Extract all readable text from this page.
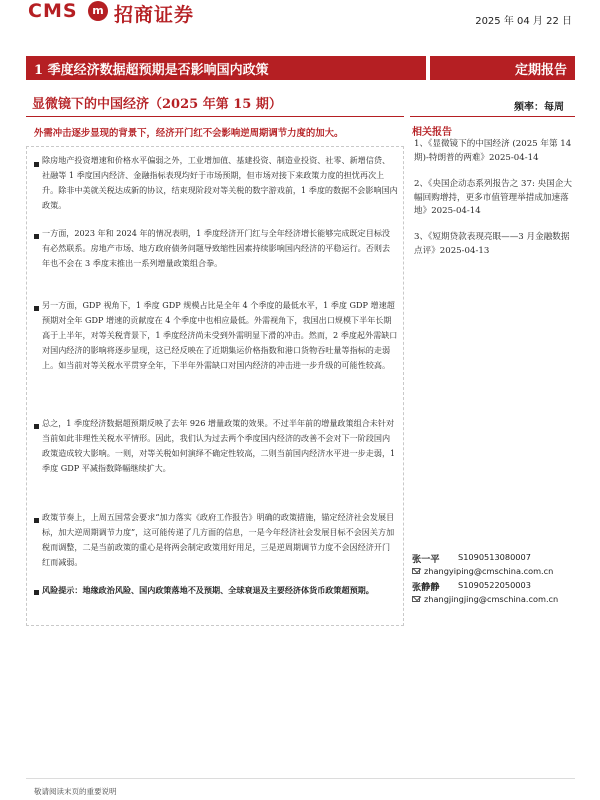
CMS	m 招商证券	2025 年 04 月 22 日
1 季度经济数据超预期是否影响国内政策	定期报告
显微镜下的中国经济（2025 年第 15 期）	频率：每周
外需冲击逐步显现的背景下，经济开门红不会影响逆周期调节力度的加大。
除房地产投资增速和价格水平偏弱之外，工业增加值、基建投资、制造业投资、社零、新增信贷、社融等 1 季度国内经济、金融指标表现均好于市场预期，但市场对接下来政策力度的担忧再次上升。除非中美就关税达成新的协议，结束现阶段对等关税的数字游戏前，1 季度的数据不会影响国内政策。
一方面，2023 年和 2024 年的情况表明，1 季度经济开门红与全年经济增长能够完成既定目标没有必然联系。房地产市场、地方政府债务问题导致缩性因素持续影响国内经济的平稳运行。否则去年也不会在 3 季度末推出一系列增量政策组合拳。
另一方面，GDP 视角下，1 季度 GDP 规模占比是全年 4 个季度的最低水平，1 季度 GDP 增速超预期对全年 GDP 增速的贡献度在 4 个季度中也相应最低。外需视角下，我国出口规模下半年长期高于上半年，对等关税背景下，1 季度经济尚未受到外需明显下滑的冲击。然而，2 季度起外需缺口对国内经济的影响将逐步显现，这已经反映在了近期集运价格指数和港口货物吞吐量等指标的走弱上。如当前对等关税水平贯穿全年，下半年外需缺口对国内经济的冲击进一步升级的可能性较高。
总之，1 季度经济数据超预期反映了去年 926 增量政策的效果。不过半年前的增量政策组合未针对当前如此非理性关税水平情形。因此，我们认为过去两个季度国内经济的改善不会对下一阶段国内政策造成较大影响。一则，对等关税如何演绎不确定性较高，二则当前国内经济水平进一步走弱，1 季度 GDP 平减指数降幅继续扩大。
政策节奏上，上周五国常会要求“加力落实《政府工作报告》明确的政策措施，锚定经济社会发展目标，加大逆周期调节力度”，这可能传递了几方面的信息，一是今年经济社会发展目标不会因关方加税而调整，二是当前政策的重心是将两会制定政策用好用足，三是逆周期调节力度不会因经济开门红而减弱。
风险提示：地缘政治风险、国内政策落地不及预期、全球衰退及主要经济体货币政策超预期。
相关报告
1、《显微镜下的中国经济 (2025 年第 14 期)-特朗普的两难》2025-04-14
2、《央国企动态系列报告之 37: 央国企大幅回购增持，更多市值管理举措成加速落地》2025-04-14
3、《短期贷款表现亮眼——3 月金融数据点评》2025-04-13
张一平 S1090513080007
zhangyiping@cmschina.com.cn
张静静 S1090522050003
zhangjingjing@cmschina.com.cn
敬请阅读末页的重要说明
